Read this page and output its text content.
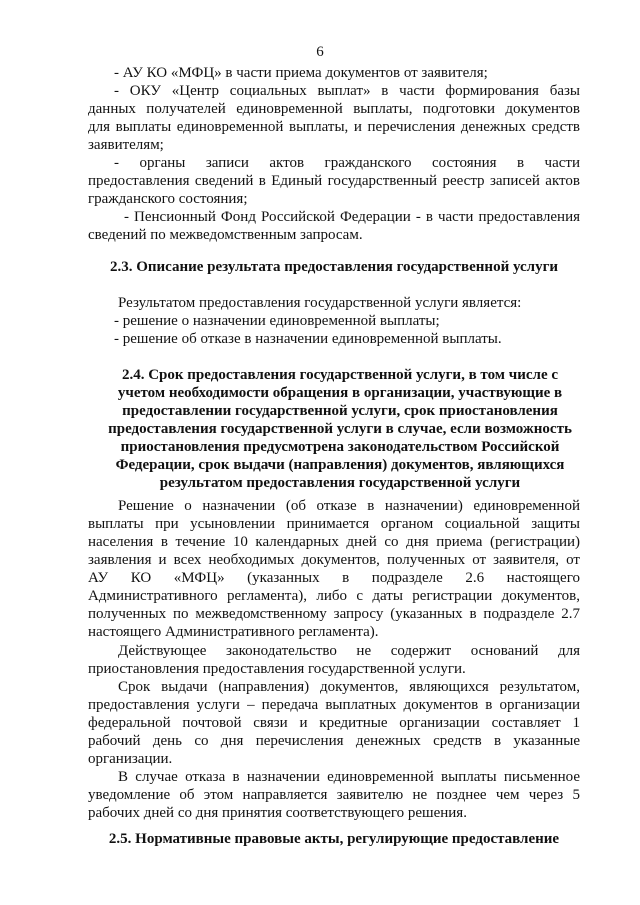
6
- АУ КО «МФЦ» в части приема документов от заявителя;
- ОКУ «Центр социальных выплат» в части формирования базы
данных получателей единовременной выплаты, подготовки документов
для выплаты единовременной выплаты, и перечисления денежных средств
заявителям;
- органы записи актов гражданского состояния в части
предоставления сведений в Единый государственный реестр записей актов
гражданского состояния;
- Пенсионный Фонд Российской Федерации - в части предоставления
сведений по межведомственным запросам.
2.3. Описание результата предоставления государственной услуги
Результатом предоставления государственной услуги является:
- решение о назначении единовременной выплаты;
- решение об отказе в назначении единовременной выплаты.
2.4. Срок предоставления государственной услуги, в том числе с
учетом необходимости обращения в организации, участвующие в
предоставлении государственной услуги, срок приостановления
предоставления государственной услуги в случае, если возможность
приостановления предусмотрена законодательством Российской
Федерации, срок выдачи (направления) документов, являющихся
результатом предоставления государственной услуги
Решение о назначении (об отказе в назначении) единовременной
выплаты при усыновлении принимается органом социальной защиты
населения в течение 10 календарных дней со дня приема (регистрации)
заявления и всех необходимых документов, полученных от заявителя, от
АУ КО «МФЦ» (указанных в подразделе 2.6 настоящего
Административного регламента), либо с даты регистрации документов,
полученных по межведомственному запросу (указанных в подразделе 2.7
настоящего Административного регламента).
Действующее законодательство не содержит оснований для
приостановления предоставления государственной услуги.
Срок выдачи (направления) документов, являющихся результатом,
предоставления услуги – передача выплатных документов в организации
федеральной почтовой связи и кредитные организации составляет 1
рабочий день со дня перечисления денежных средств в указанные
организации.
В случае отказа в назначении единовременной выплаты письменное
уведомление об этом направляется заявителю не позднее чем через 5
рабочих дней со дня принятия соответствующего решения.
2.5. Нормативные правовые акты, регулирующие предоставление
